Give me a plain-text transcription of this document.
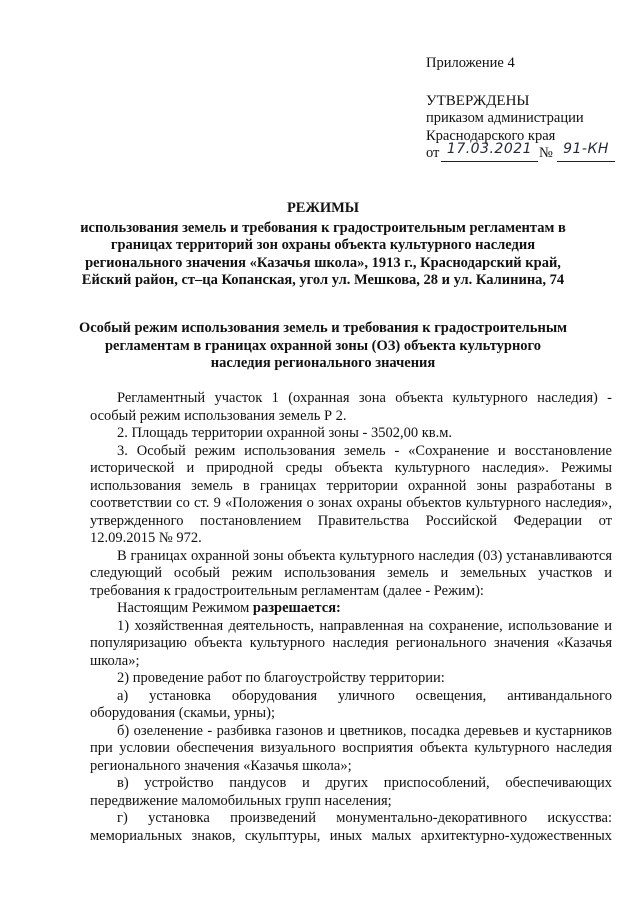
Приложение 4
УТВЕРЖДЕНЫ
приказом администрации
Краснодарского края
от 17.03.2021 № 91-КН
РЕЖИМЫ
использования земель и требования к градостроительным регламентам в
границах территорий зон охраны объекта культурного наследия
регионального значения «Казачья школа», 1913 г., Краснодарский край,
Ейский район, ст–ца Копанская, угол ул. Мешкова, 28 и ул. Калинина, 74
Особый режим использования земель и требования к градостроительным
регламентам в границах охранной зоны (ОЗ) объекта культурного
наследия регионального значения

Регламентный участок 1 (охранная зона объекта культурного наследия) - особый режим использования земель Р 2.

2. Площадь территории охранной зоны - 3502,00 кв.м.

3. Особый режим использования земель - «Сохранение и восстановление исторической и природной среды объекта культурного наследия». Режимы использования земель в границах территории охранной зоны разработаны в соответствии со ст. 9 «Положения о зонах охраны объектов культурного наследия», утвержденного постановлением Правительства Российской Федерации от 12.09.2015 № 972.

В границах охранной зоны объекта культурного наследия (03) устанавливаются следующий особый режим использования земель и земельных участков и требования к градостроительным регламентам (далее - Режим):

Настоящим Режимом разрешается:

1) хозяйственная деятельность, направленная на сохранение, использование и популяризацию объекта культурного наследия регионального значения «Казачья школа»;

2) проведение работ по благоустройству территории:

а) установка оборудования уличного освещения, антивандального оборудования (скамьи, урны);

б) озеленение - разбивка газонов и цветников, посадка деревьев и кустарников при условии обеспечения визуального восприятия объекта культурного наследия регионального значения «Казачья школа»;

в) устройство пандусов и других приспособлений, обеспечивающих передвижение маломобильных групп населения;

г) установка произведений монументально-декоративного искусства: мемориальных знаков, скульптуры, иных малых архитектурно-художественных
